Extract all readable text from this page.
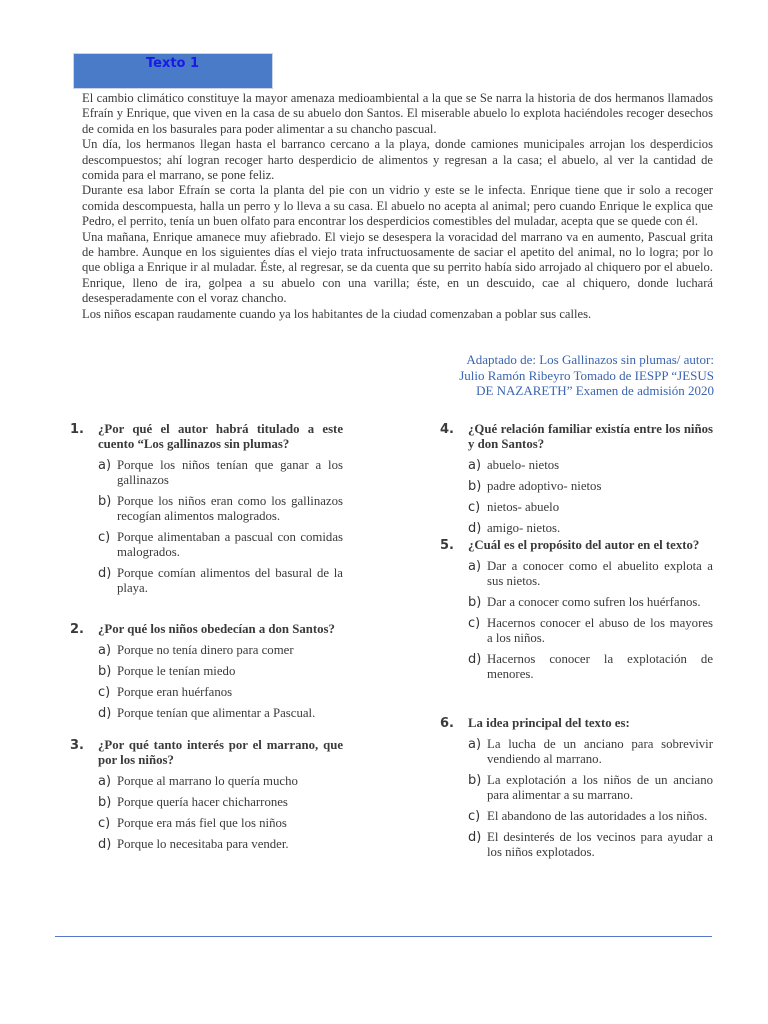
Texto 1

El cambio climático constituye la mayor amenaza medioambiental a la que se Se narra la historia de dos hermanos llamados Efraín y Enrique, que viven en la casa de su abuelo don Santos. El miserable abuelo lo explota haciéndoles recoger desechos de comida en los basurales para poder alimentar a su chancho pascual.

Un día, los hermanos llegan hasta el barranco cercano a la playa, donde camiones municipales arrojan los desperdicios descompuestos; ahí logran recoger harto desperdicio de alimentos y regresan a la casa; el abuelo, al ver la cantidad de comida para el marrano, se pone feliz.

Durante esa labor Efraín se corta la planta del pie con un vidrio y este se le infecta. Enrique tiene que ir solo a recoger comida descompuesta, halla un perro y lo lleva a su casa. El abuelo no acepta al animal; pero cuando Enrique le explica que Pedro, el perrito, tenía un buen olfato para encontrar los desperdicios comestibles del muladar, acepta que se quede con él.

Una mañana, Enrique amanece muy afiebrado. El viejo se desespera la voracidad del marrano va en aumento, Pascual grita de hambre. Aunque en los siguientes días el viejo trata infructuosamente de saciar el apetito del animal, no lo logra; por lo que obliga a Enrique ir al muladar. Éste, al regresar, se da cuenta que su perrito había sido arrojado al chiquero por el abuelo. Enrique, lleno de ira, golpea a su abuelo con una varilla; éste, en un descuido, cae al chiquero, donde luchará desesperadamente con el voraz chancho.

Los niños escapan raudamente cuando ya los habitantes de la ciudad comenzaban a poblar sus calles.

Adaptado de: Los Gallinazos sin plumas/ autor:
Julio Ramón Ribeyro Tomado de IESPP “JESUS
DE NAZARETH” Examen de admisión 2020
1.	¿Por qué el autor habrá titulado a este cuento “Los gallinazos sin plumas?
a) Porque los niños tenían que ganar a los gallinazos
b) Porque los niños eran como los gallinazos recogían alimentos malogrados.
c) Porque alimentaban a pascual con comidas malogrados.
d) Porque comían alimentos del basural de la playa.
2.	¿Por qué los niños obedecían a don Santos?
a) Porque no tenía dinero para comer
b) Porque le tenían miedo
c) Porque eran huérfanos
d) Porque tenían que alimentar a Pascual.
3.	¿Por qué tanto interés por el marrano, que por los niños?
a) Porque al marrano lo quería mucho
b) Porque quería hacer chicharrones
c) Porque era más fiel que los niños
d) Porque lo necesitaba para vender.
4.	¿Qué relación familiar existía entre los niños y don Santos?
a) abuelo- nietos
b) padre adoptivo- nietos
c) nietos- abuelo
d) amigo- nietos.
5.	¿Cuál es el propósito del autor en el texto?
a) Dar a conocer como el abuelito explota a sus nietos.
b) Dar a conocer como sufren los huérfanos.
c) Hacernos conocer el abuso de los mayores a los niños.
d) Hacernos conocer la explotación de menores.
6.	La idea principal del texto es:
a) La lucha de un anciano para sobrevivir vendiendo al marrano.
b) La explotación a los niños de un anciano para alimentar a su marrano.
c) El abandono de las autoridades a los niños.
d) El desinterés de los vecinos para ayudar a los niños explotados.
